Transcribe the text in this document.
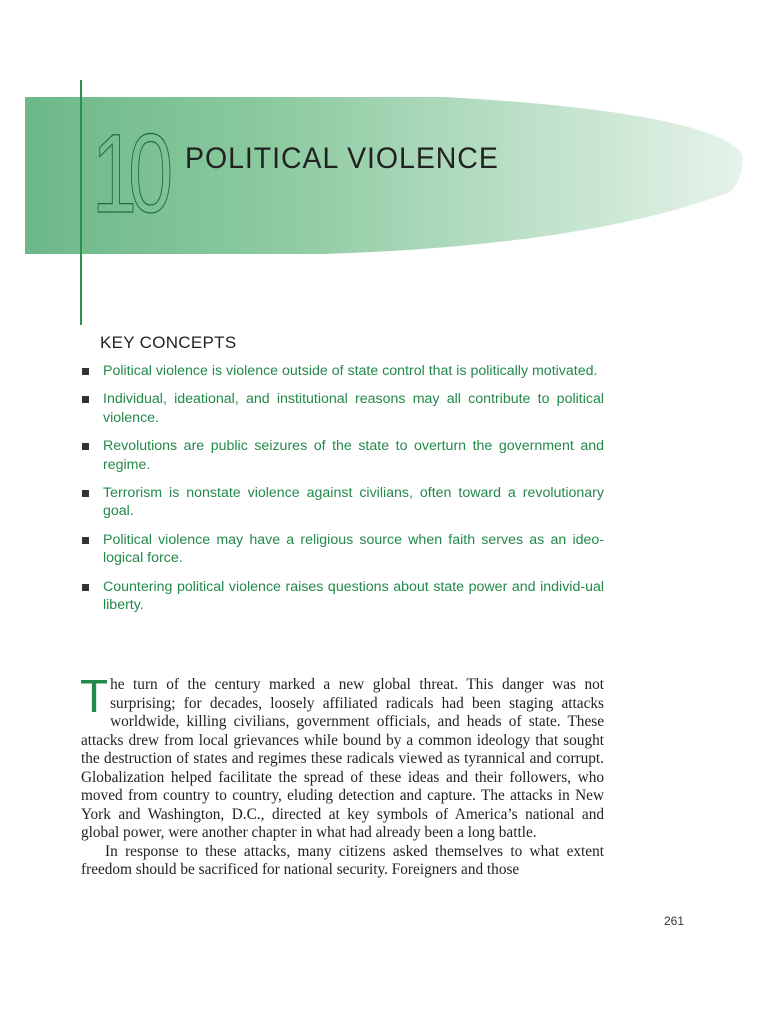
10 POLITICAL VIOLENCE
KEY CONCEPTS
Political violence is violence outside of state control that is politically motivated.
Individual, ideational, and institutional reasons may all contribute to political violence.
Revolutions are public seizures of the state to overturn the government and regime.
Terrorism is nonstate violence against civilians, often toward a revolutionary goal.
Political violence may have a religious source when faith serves as an ideo-logical force.
Countering political violence raises questions about state power and individ-ual liberty.

The turn of the century marked a new global threat. This danger was not surprising; for decades, loosely affiliated radicals had been staging attacks worldwide, killing civilians, government officials, and heads of state. These attacks drew from local grievances while bound by a common ideology that sought the destruction of states and regimes these radicals viewed as tyrannical and corrupt. Globalization helped facilitate the spread of these ideas and their followers, who moved from country to country, eluding detection and capture. The attacks in New York and Washington, D.C., directed at key symbols of America’s national and global power, were another chapter in what had already been a long battle.

In response to these attacks, many citizens asked themselves to what extent freedom should be sacrificed for national security. Foreigners and those

261
